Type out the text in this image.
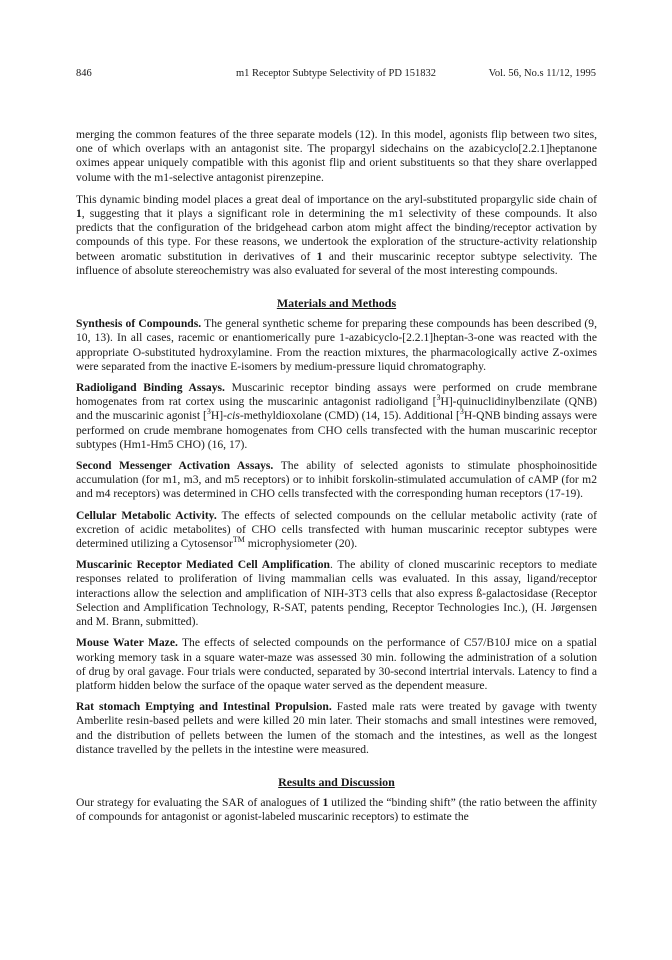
846	m1 Receptor Subtype Selectivity of PD 151832	Vol. 56, No.s 11/12, 1995

merging the common features of the three separate models (12). In this model, agonists flip between two sites, one of which overlaps with an antagonist site. The propargyl sidechains on the azabicyclo[2.2.1]heptanone oximes appear uniquely compatible with this agonist flip and orient substituents so that they share overlapped volume with the m1-selective antagonist pirenzepine.

This dynamic binding model places a great deal of importance on the aryl-substituted propargylic side chain of 1, suggesting that it plays a significant role in determining the m1 selectivity of these compounds. It also predicts that the configuration of the bridgehead carbon atom might affect the binding/receptor activation by compounds of this type. For these reasons, we undertook the exploration of the structure-activity relationship between aromatic substitution in derivatives of 1 and their muscarinic receptor subtype selectivity. The influence of absolute stereochemistry was also evaluated for several of the most interesting compounds.

Materials and Methods

Synthesis of Compounds. The general synthetic scheme for preparing these compounds has been described (9, 10, 13). In all cases, racemic or enantiomerically pure 1-azabicyclo-[2.2.1]heptan-3-one was reacted with the appropriate O-substituted hydroxylamine. From the reaction mixtures, the pharmacologically active Z-oximes were separated from the inactive E-isomers by medium-pressure liquid chromatography.

Radioligand Binding Assays. Muscarinic receptor binding assays were performed on crude membrane homogenates from rat cortex using the muscarinic antagonist radioligand [$^3$H]-quinuclidinylbenzilate (QNB) and the muscarinic agonist [$^3$H]-cis-methyldioxolane (CMD) (14, 15). Additional [$^3$H-QNB binding assays were performed on crude membrane homogenates from CHO cells transfected with the human muscarinic receptor subtypes (Hm1-Hm5 CHO) (16, 17).

Second Messenger Activation Assays. The ability of selected agonists to stimulate phosphoinositide accumulation (for m1, m3, and m5 receptors) or to inhibit forskolin-stimulated accumulation of cAMP (for m2 and m4 receptors) was determined in CHO cells transfected with the corresponding human receptors (17-19).

Cellular Metabolic Activity. The effects of selected compounds on the cellular metabolic activity (rate of excretion of acidic metabolites) of CHO cells transfected with human muscarinic receptor subtypes were determined utilizing a Cytosensor™ microphysiometer (20).

Muscarinic Receptor Mediated Cell Amplification. The ability of cloned muscarinic receptors to mediate responses related to proliferation of living mammalian cells was evaluated. In this assay, ligand/receptor interactions allow the selection and amplification of NIH-3T3 cells that also express ß-galactosidase (Receptor Selection and Amplification Technology, R-SAT, patents pending, Receptor Technologies Inc.), (H. Jørgensen and M. Brann, submitted).

Mouse Water Maze. The effects of selected compounds on the performance of C57/B10J mice on a spatial working memory task in a square water-maze was assessed 30 min. following the administration of a solution of drug by oral gavage. Four trials were conducted, separated by 30-second intertrial intervals. Latency to find a platform hidden below the surface of the opaque water served as the dependent measure.

Rat stomach Emptying and Intestinal Propulsion. Fasted male rats were treated by gavage with twenty Amberlite resin-based pellets and were killed 20 min later. Their stomachs and small intestines were removed, and the distribution of pellets between the lumen of the stomach and the intestines, as well as the longest distance travelled by the pellets in the intestine were measured.

Results and Discussion

Our strategy for evaluating the SAR of analogues of 1 utilized the “binding shift” (the ratio between the affinity of compounds for antagonist or agonist-labeled muscarinic receptors) to estimate the
